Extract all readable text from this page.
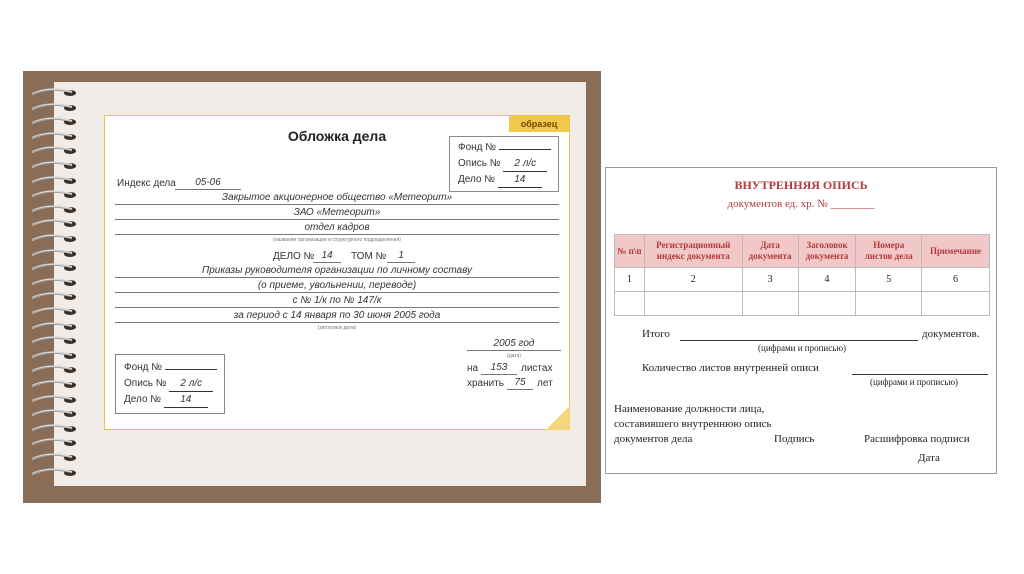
образец
Обложка дела
Фонд №
Опись № 2 л/с
Дело № 14
Индекс дела	05-06
Закрытое акционерное общество «Метеорит»
ЗАО «Метеорит»
отдел кадров
(название организации и структурного подразделения)
ДЕЛО № 14	ТОМ №	1
Приказы руководителя организации по личному составу
(о приеме, увольнении, переводе)
с № 1/к по № 147/к
за период с 14 января по 30 июня 2005 года
(заголовок дела)
2005 год
(дата)
на	153	листах
хранить	75	лет
Фонд №
Опись № 2 л/с
Дело № 14
ВНУТРЕННЯЯ ОПИСЬ
документов ед. хр. № ________
№ п\п	Регистрационный индекс документа	Дата документа	Заголовок документа	Номера листов дела	Примечание
1	2	3	4	5	6

Итого	документов.
(цифрами и прописью)
Количество листов внутренней описи
(цифрами и прописью)
Наименование должности лица,
составившего внутреннюю опись
документов дела	Подпись	Расшифровка подписи
Дата
